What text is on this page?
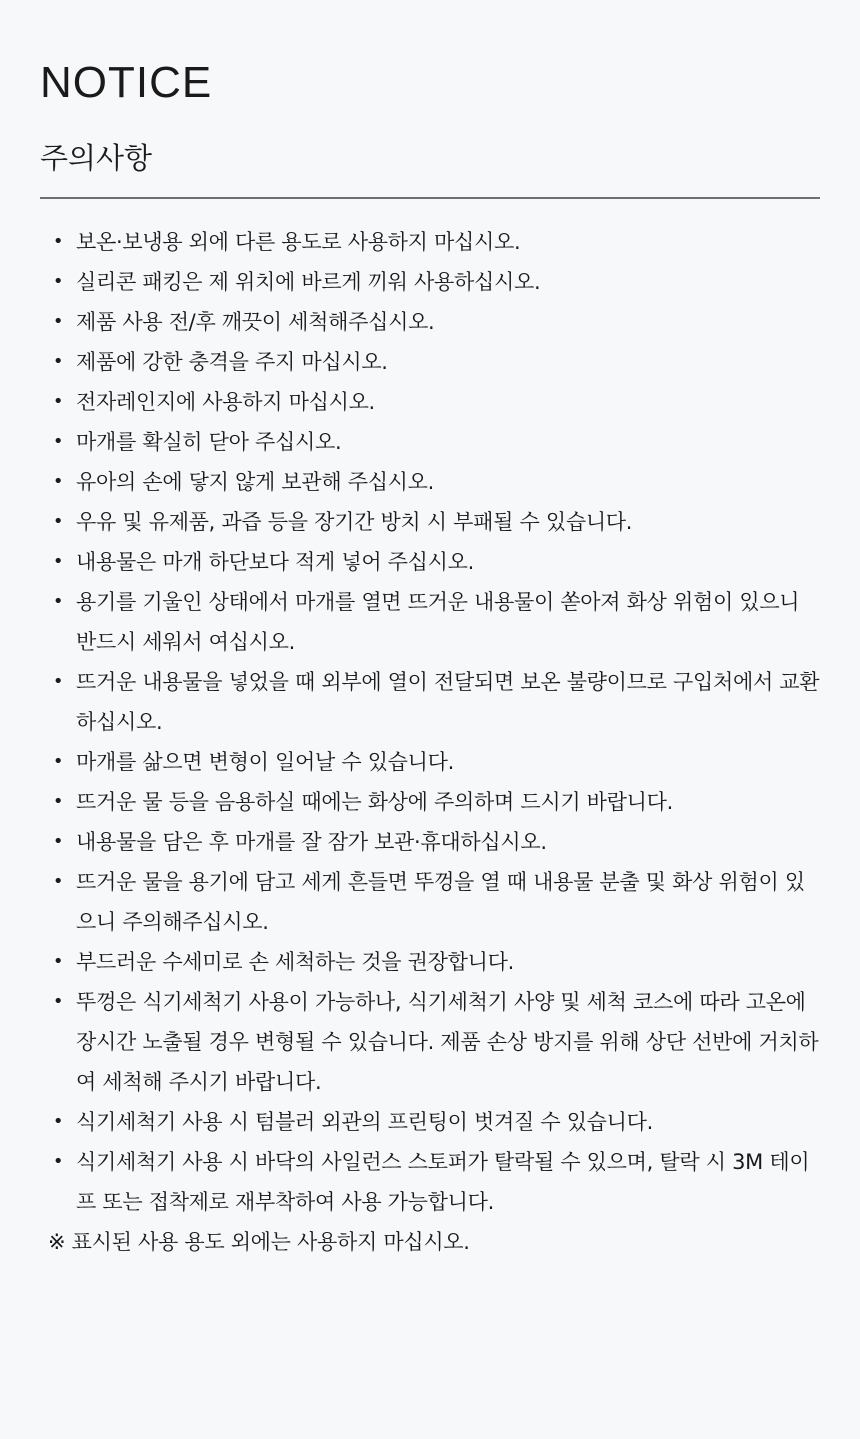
NOTICE
주의사항
• 보온·보냉용 외에 다른 용도로 사용하지 마십시오.
• 실리콘 패킹은 제 위치에 바르게 끼워 사용하십시오.
• 제품 사용 전/후 깨끗이 세척해주십시오.
• 제품에 강한 충격을 주지 마십시오.
• 전자레인지에 사용하지 마십시오.
• 마개를 확실히 닫아 주십시오.
• 유아의 손에 닿지 않게 보관해 주십시오.
• 우유 및 유제품, 과즙 등을 장기간 방치 시 부패될 수 있습니다.
• 내용물은 마개 하단보다 적게 넣어 주십시오.
• 용기를 기울인 상태에서 마개를 열면 뜨거운 내용물이 쏟아져 화상 위험이 있으니 반드시 세워서 여십시오.
• 뜨거운 내용물을 넣었을 때 외부에 열이 전달되면 보온 불량이므로 구입처에서 교환하십시오.
• 마개를 삶으면 변형이 일어날 수 있습니다.
• 뜨거운 물 등을 음용하실 때에는 화상에 주의하며 드시기 바랍니다.
• 내용물을 담은 후 마개를 잘 잠가 보관·휴대하십시오.
• 뜨거운 물을 용기에 담고 세게 흔들면 뚜껑을 열 때 내용물 분출 및 화상 위험이 있으니 주의해주십시오.
• 부드러운 수세미로 손 세척하는 것을 권장합니다.
• 뚜껑은 식기세척기 사용이 가능하나, 식기세척기 사양 및 세척 코스에 따라 고온에 장시간 노출될 경우 변형될 수 있습니다. 제품 손상 방지를 위해 상단 선반에 거치하여 세척해 주시기 바랍니다.
• 식기세척기 사용 시 텀블러 외관의 프린팅이 벗겨질 수 있습니다.
• 식기세척기 사용 시 바닥의 사일런스 스토퍼가 탈락될 수 있으며, 탈락 시 3M 테이프 또는 접착제로 재부착하여 사용 가능합니다.
※ 표시된 사용 용도 외에는 사용하지 마십시오.
